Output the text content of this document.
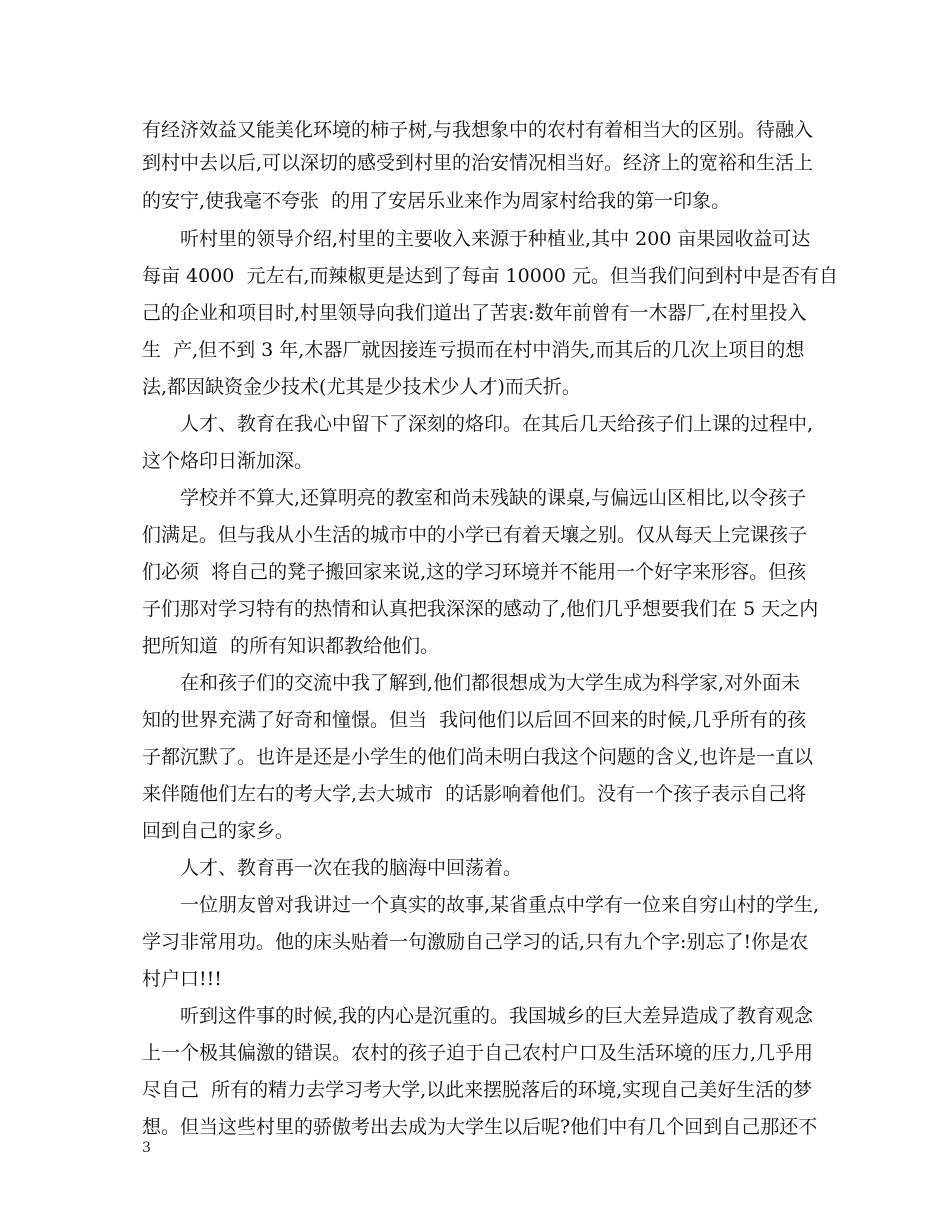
有经济效益又能美化环境的柿子树,与我想象中的农村有着相当大的区别。待融入
到村中去以后,可以深切的感受到村里的治安情况相当好。经济上的宽裕和生活上
的安宁,使我毫不夸张  的用了安居乐业来作为周家村给我的第一印象。
听村里的领导介绍,村里的主要收入来源于种植业,其中 200 亩果园收益可达
每亩 4000  元左右,而辣椒更是达到了每亩 10000 元。但当我们问到村中是否有自
己的企业和项目时,村里领导向我们道出了苦衷:数年前曾有一木器厂,在村里投入
生  产,但不到 3 年,木器厂就因接连亏损而在村中消失,而其后的几次上项目的想
法,都因缺资金少技术(尤其是少技术少人才)而夭折。
人才、教育在我心中留下了深刻的烙印。在其后几天给孩子们上课的过程中,
这个烙印日渐加深。
学校并不算大,还算明亮的教室和尚未残缺的课桌,与偏远山区相比,以令孩子
们满足。但与我从小生活的城市中的小学已有着天壤之别。仅从每天上完课孩子
们必须  将自己的凳子搬回家来说,这的学习环境并不能用一个好字来形容。但孩
子们那对学习特有的热情和认真把我深深的感动了,他们几乎想要我们在 5 天之内
把所知道  的所有知识都教给他们。
在和孩子们的交流中我了解到,他们都很想成为大学生成为科学家,对外面未
知的世界充满了好奇和憧憬。但当  我问他们以后回不回来的时候,几乎所有的孩
子都沉默了。也许是还是小学生的他们尚未明白我这个问题的含义,也许是一直以
来伴随他们左右的考大学,去大城市  的话影响着他们。没有一个孩子表示自己将
回到自己的家乡。
人才、教育再一次在我的脑海中回荡着。
一位朋友曾对我讲过一个真实的故事,某省重点中学有一位来自穷山村的学生,
学习非常用功。他的床头贴着一句激励自己学习的话,只有九个字:别忘了!你是农
村户口!!!
听到这件事的时候,我的内心是沉重的。我国城乡的巨大差异造成了教育观念
上一个极其偏激的错误。农村的孩子迫于自己农村户口及生活环境的压力,几乎用
尽自己  所有的精力去学习考大学,以此来摆脱落后的环境,实现自己美好生活的梦
想。但当这些村里的骄傲考出去成为大学生以后呢?他们中有几个回到自己那还不
3
